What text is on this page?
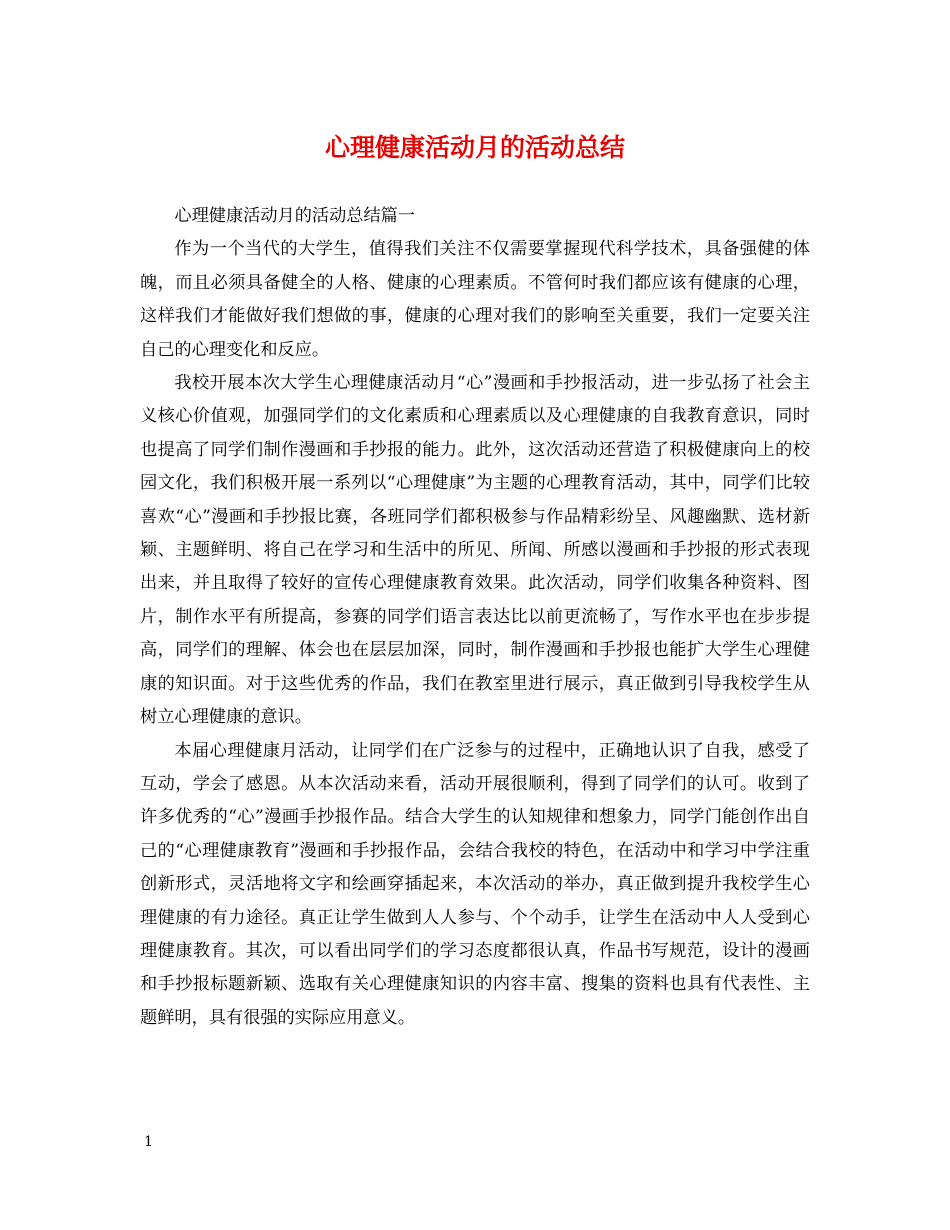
心理健康活动月的活动总结

心理健康活动月的活动总结篇一

作为一个当代的大学生，值得我们关注不仅需要掌握现代科学技术，具备强健的体魄，而且必须具备健全的人格、健康的心理素质。不管何时我们都应该有健康的心理，这样我们才能做好我们想做的事，健康的心理对我们的影响至关重要，我们一定要关注自己的心理变化和反应。

我校开展本次大学生心理健康活动月“心”漫画和手抄报活动，进一步弘扬了社会主义核心价值观，加强同学们的文化素质和心理素质以及心理健康的自我教育意识，同时也提高了同学们制作漫画和手抄报的能力。此外，这次活动还营造了积极健康向上的校园文化，我们积极开展一系列以“心理健康”为主题的心理教育活动，其中，同学们比较喜欢“心”漫画和手抄报比赛，各班同学们都积极参与作品精彩纷呈、风趣幽默、选材新颖、主题鲜明、将自己在学习和生活中的所见、所闻、所感以漫画和手抄报的形式表现出来，并且取得了较好的宣传心理健康教育效果。此次活动，同学们收集各种资料、图片，制作水平有所提高，参赛的同学们语言表达比以前更流畅了，写作水平也在步步提高，同学们的理解、体会也在层层加深，同时，制作漫画和手抄报也能扩大学生心理健康的知识面。对于这些优秀的作品，我们在教室里进行展示，真正做到引导我校学生从树立心理健康的意识。

本届心理健康月活动，让同学们在广泛参与的过程中，正确地认识了自我，感受了互动，学会了感恩。从本次活动来看，活动开展很顺利，得到了同学们的认可。收到了许多优秀的“心”漫画手抄报作品。结合大学生的认知规律和想象力，同学门能创作出自己的“心理健康教育”漫画和手抄报作品，会结合我校的特色，在活动中和学习中学注重创新形式，灵活地将文字和绘画穿插起来，本次活动的举办，真正做到提升我校学生心理健康的有力途径。真正让学生做到人人参与、个个动手，让学生在活动中人人受到心理健康教育。其次，可以看出同学们的学习态度都很认真，作品书写规范，设计的漫画和手抄报标题新颖、选取有关心理健康知识的内容丰富、搜集的资料也具有代表性、主题鲜明，具有很强的实际应用意义。

1
